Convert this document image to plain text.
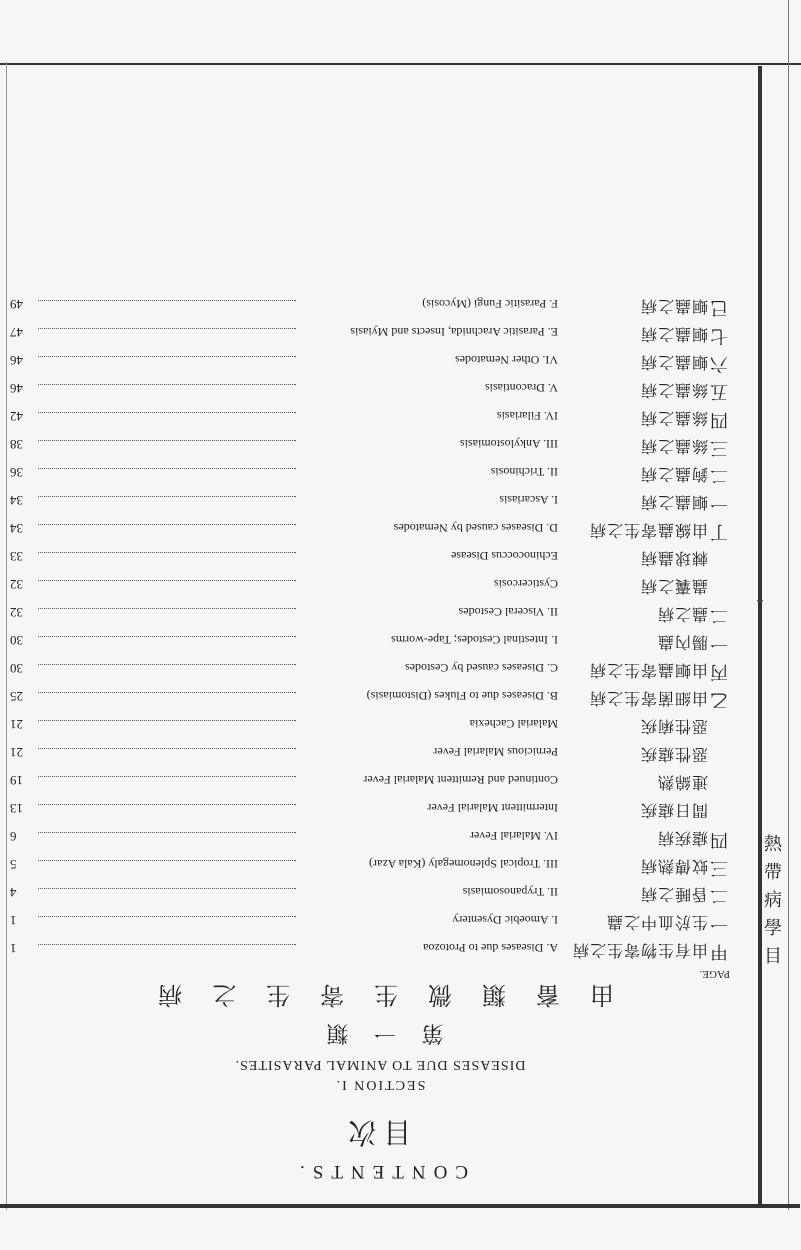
CONTENTS.
目 次
SECTION I.
DISEASES DUE TO ANIMAL PARASITES.
第 一 類
由 畜 類 微 生 寄 生 之 病
PAGE.
甲
由有生物寄生之病
A. Diseases due to Protozoa
1
一
生於血中之蟲
I. Amoebic Dysentery
1
二
昏睡之病
II. Trypanosomiasis
4
三
蚊傳熱病
III. Tropical Splenomegaly (Kala Azar)
5
四
瘧疾病
IV. Malarial Fever
6
間日瘧疾
Intermittent Malarial Fever
13
連綿熱
Continued and Remittent Malarial Fever
19
惡性瘧疾
Pernicious Malarial Fever
21
惡性痢疾
Malarial Cachexia
21
乙
由細菌寄生之病
B. Diseases due to Flukes (Distomiasis)
25
丙
由蛔蟲寄生之病
C. Diseases caused by Cestodes
30
一
腸內蟲
I. Intestinal Cestodes; Tape-worms
30
二
蟲之病
II. Visceral Cestodes
32
蟲囊之病
Cysticercosis
32
棘球蟲病
Echinococcus Disease
33
丁
由線蟲寄生之病
D. Diseases caused by Nematodes
34
一
蛔蟲之病
I. Ascariasis
34
二
鉤蟲之病
II. Trichinosis
36
三
絲蟲之病
III. Ankylostomiasis
38
四
絲蟲之病
IV. Filariasis
42
五
絲蟲之病
V. Dracontiasis
46
六
蛔蟲之病
VI. Other Nematodes
46
七
蛔蟲之病
E. Parasitic Arachnida, Insects and Myiasis
47
已
蛔蟲之病
F. Parasitic Fungi (Mycosis)
49
熱
帶
病
學
目
